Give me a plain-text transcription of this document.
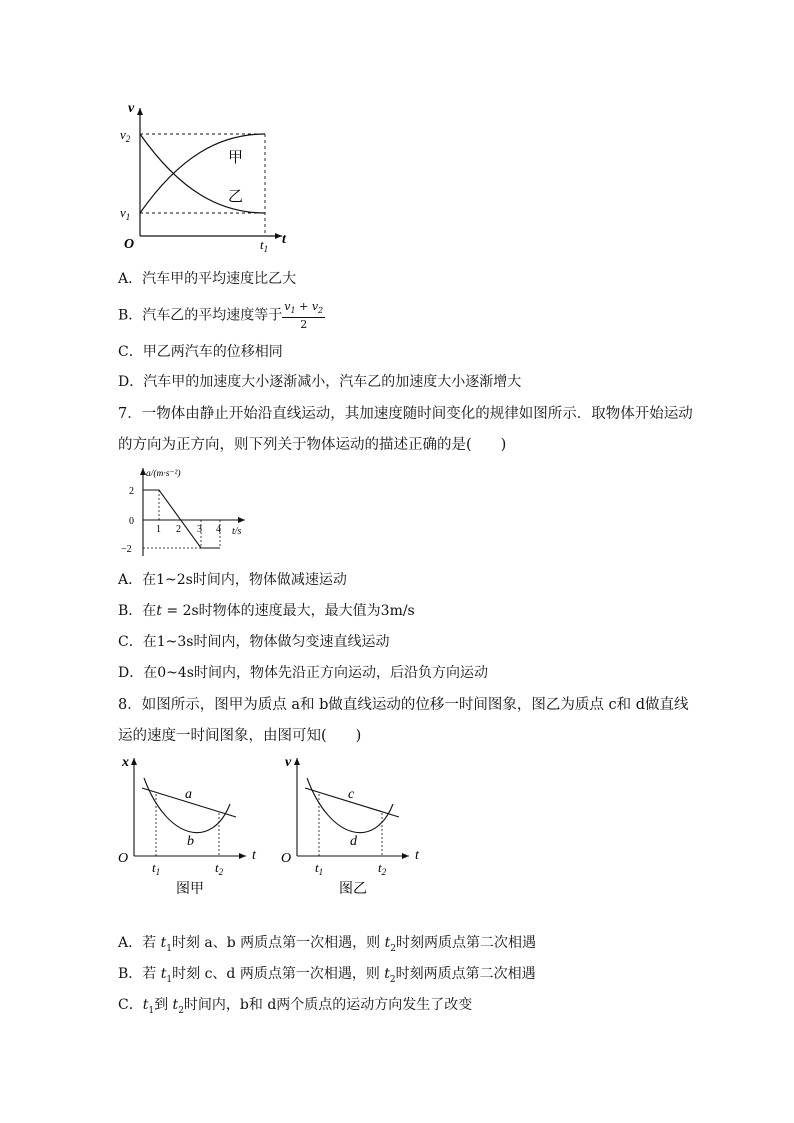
v
$v_2$
$v_1$
O	$t_1$
t
甲
乙
A．汽车甲的平均速度比乙大
B．汽车乙的平均速度等于 $\frac{v_1 + v_2}{2}$
C．甲乙两汽车的位移相同
D．汽车甲的加速度大小逐渐减小，汽车乙的加速度大小逐渐增大
7．一物体由静止开始沿直线运动，其加速度随时间变化的规律如图所示．取物体开始运动
的方向为正方向，则下列关于物体运动的描述正确的是(　　)
a/(m·s⁻²)
2
0
−2
1 2 3 4 t/s
A．在1~2s时间内，物体做减速运动
B．在t = 2s时物体的速度最大，最大值为3m/s
C．在1~3s时间内，物体做匀变速直线运动
D．在0~4s时间内，物体先沿正方向运动，后沿负方向运动
8．如图所示，图甲为质点 a和 b做直线运动的位移一时间图象，图乙为质点 c和 d做直线
运的速度一时间图象，由图可知(　　)
x
O	t
a
b
$t_1$	$t_2$
图甲
v
O	t
c
d
$t_1$	$t_2$
图乙
A．若 $t_1$时刻 a、b 两质点第一次相遇，则 $t_2$时刻两质点第二次相遇
B．若 $t_1$时刻 c、d 两质点第一次相遇，则 $t_2$时刻两质点第二次相遇
C．$t_1$到 $t_2$时间内，b和 d两个质点的运动方向发生了改变
